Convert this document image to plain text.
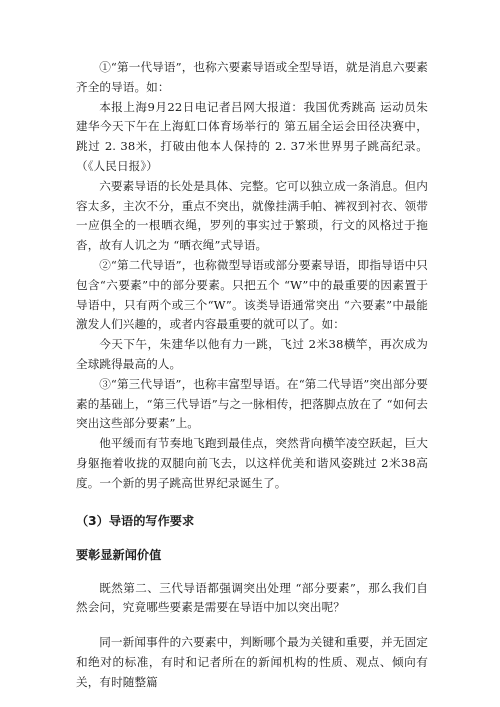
①“第一代导语”，也称六要素导语或全型导语，就是消息六要素齐全的导语。如：

本报上海9月22日电记者吕网大报道：我国优秀跳高 运动员朱建华今天下午在上海虹口体育场举行的 第五届全运会田径决赛中，跳过 2. 38米，打破由他本人保持的 2. 37米世界男子跳高纪录。（《人民日报》）

六要素导语的长处是具体、完整。它可以独立成一条消息。但内容太多，主次不分，重点不突出，就像挂满手帕、裤衩到衬衣、领带一应俱全的一根晒衣绳，罗列的事实过于繁琐，行文的风格过于拖沓，故有人讥之为 “晒衣绳”式导语。

②“第二代导语”，也称微型导语或部分要素导语，即指导语中只包含“六要素”中的部分要素。只把五个 “W”中的最重要的因素置于导语中，只有两个或三个“W”。该类导语通常突出 “六要素”中最能激发人们兴趣的，或者内容最重要的就可以了。如：

今天下午，朱建华以他有力一跳，飞过 2米38横竿，再次成为全球跳得最高的人。

③“第三代导语”，也称丰富型导语。在“第二代导语”突出部分要素的基础上，“第三代导语”与之一脉相传，把落脚点放在了 “如何去突出这些部分要素”上。

他平缓而有节奏地飞跑到最佳点，突然背向横竿凌空跃起，巨大身躯拖着收拢的双腿向前飞去，以这样优美和谐风姿跳过 2米38高度。一个新的男子跳高世界纪录诞生了。

（3）导语的写作要求
要彰显新闻价值

既然第二、三代导语都强调突出处理 “部分要素”，那么我们自然会问，究竟哪些要素是需要在导语中加以突出呢？

同一新闻事件的六要素中，判断哪个最为关键和重要，并无固定和绝对的标准，有时和记者所在的新闻机构的性质、观点、倾向有关，有时随整篇
